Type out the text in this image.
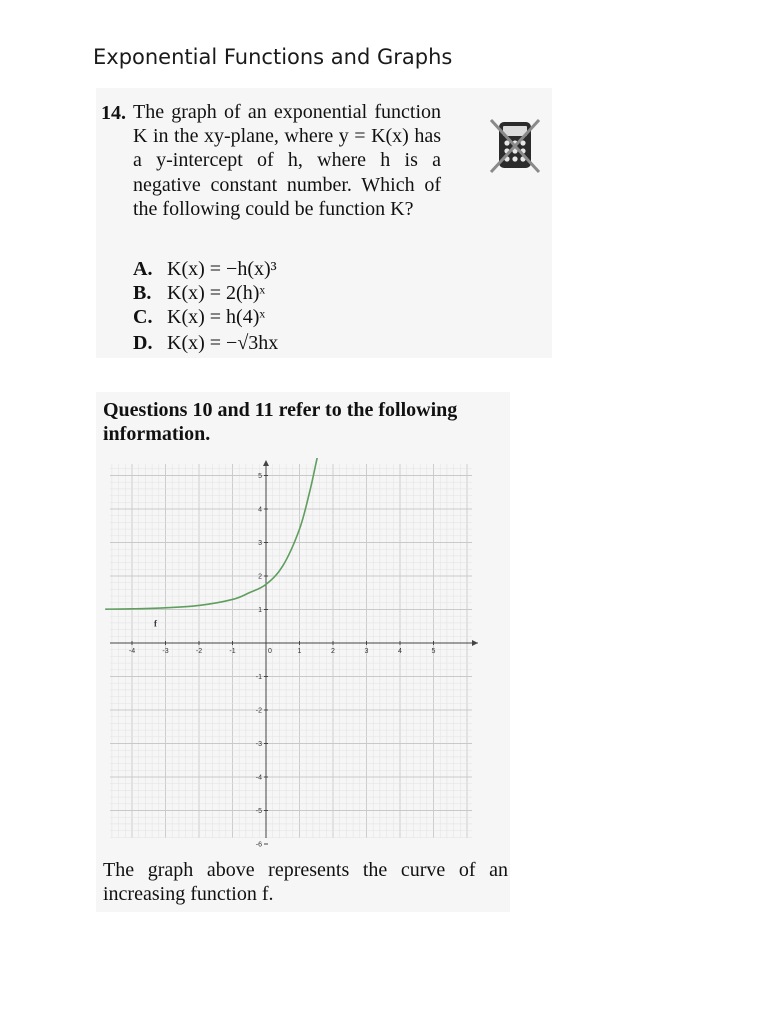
Exponential Functions and Graphs
14. The graph of an exponential function K in the xy-plane, where y = K(x) has a y-intercept of h, where h is a negative constant number. Which of the following could be function K?
A. K(x) = −h(x)³
B. K(x) = 2(h)ˣ
C. K(x) = h(4)ˣ
D. K(x) = −√3hx
Questions 10 and 11 refer to the following information.
-4	-3	-2	-1	0	1	2	3	4	5
5
4
3
2
1
-1
-2
-3
-4
-5
-6
f
The graph above represents the curve of an increasing function f.
